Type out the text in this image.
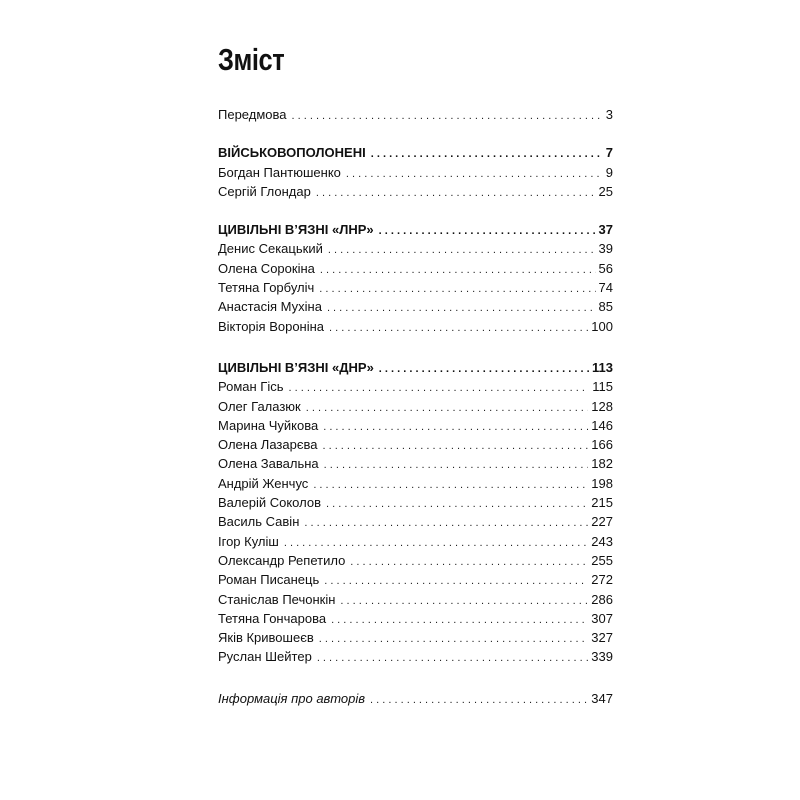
Зміст
Передмова . . .	3
ВІЙСЬКОВОПОЛОНЕНІ . . .	7
Богдан Пантюшенко . . .	9
Сергій Глондар . . .	25
ЦИВІЛЬНІ В’ЯЗНІ «ЛНР» . . .	37
Денис Секацький . . .	39
Олена Сорокіна . . .	56
Тетяна Горбуліч . . .	74
Анастасія Мухіна . . .	85
Вікторія Вороніна . . .	100
ЦИВІЛЬНІ В’ЯЗНІ «ДНР» . . .	113
Роман Гісь . . .	115
Олег Галазюк . . .	128
Марина Чуйкова . . .	146
Олена Лазарєва . . .	166
Олена Завальна . . .	182
Андрій Женчус . . .	198
Валерій Соколов . . .	215
Василь Савін . . .	227
Ігор Куліш . . .	243
Олександр Репетило . . .	255
Роман Писанець . . .	272
Станіслав Печонкін . . .	286
Тетяна Гончарова . . .	307
Яків Кривошеєв . . .	327
Руслан Шейтер . . .	339
Інформація про авторів . . .	347
